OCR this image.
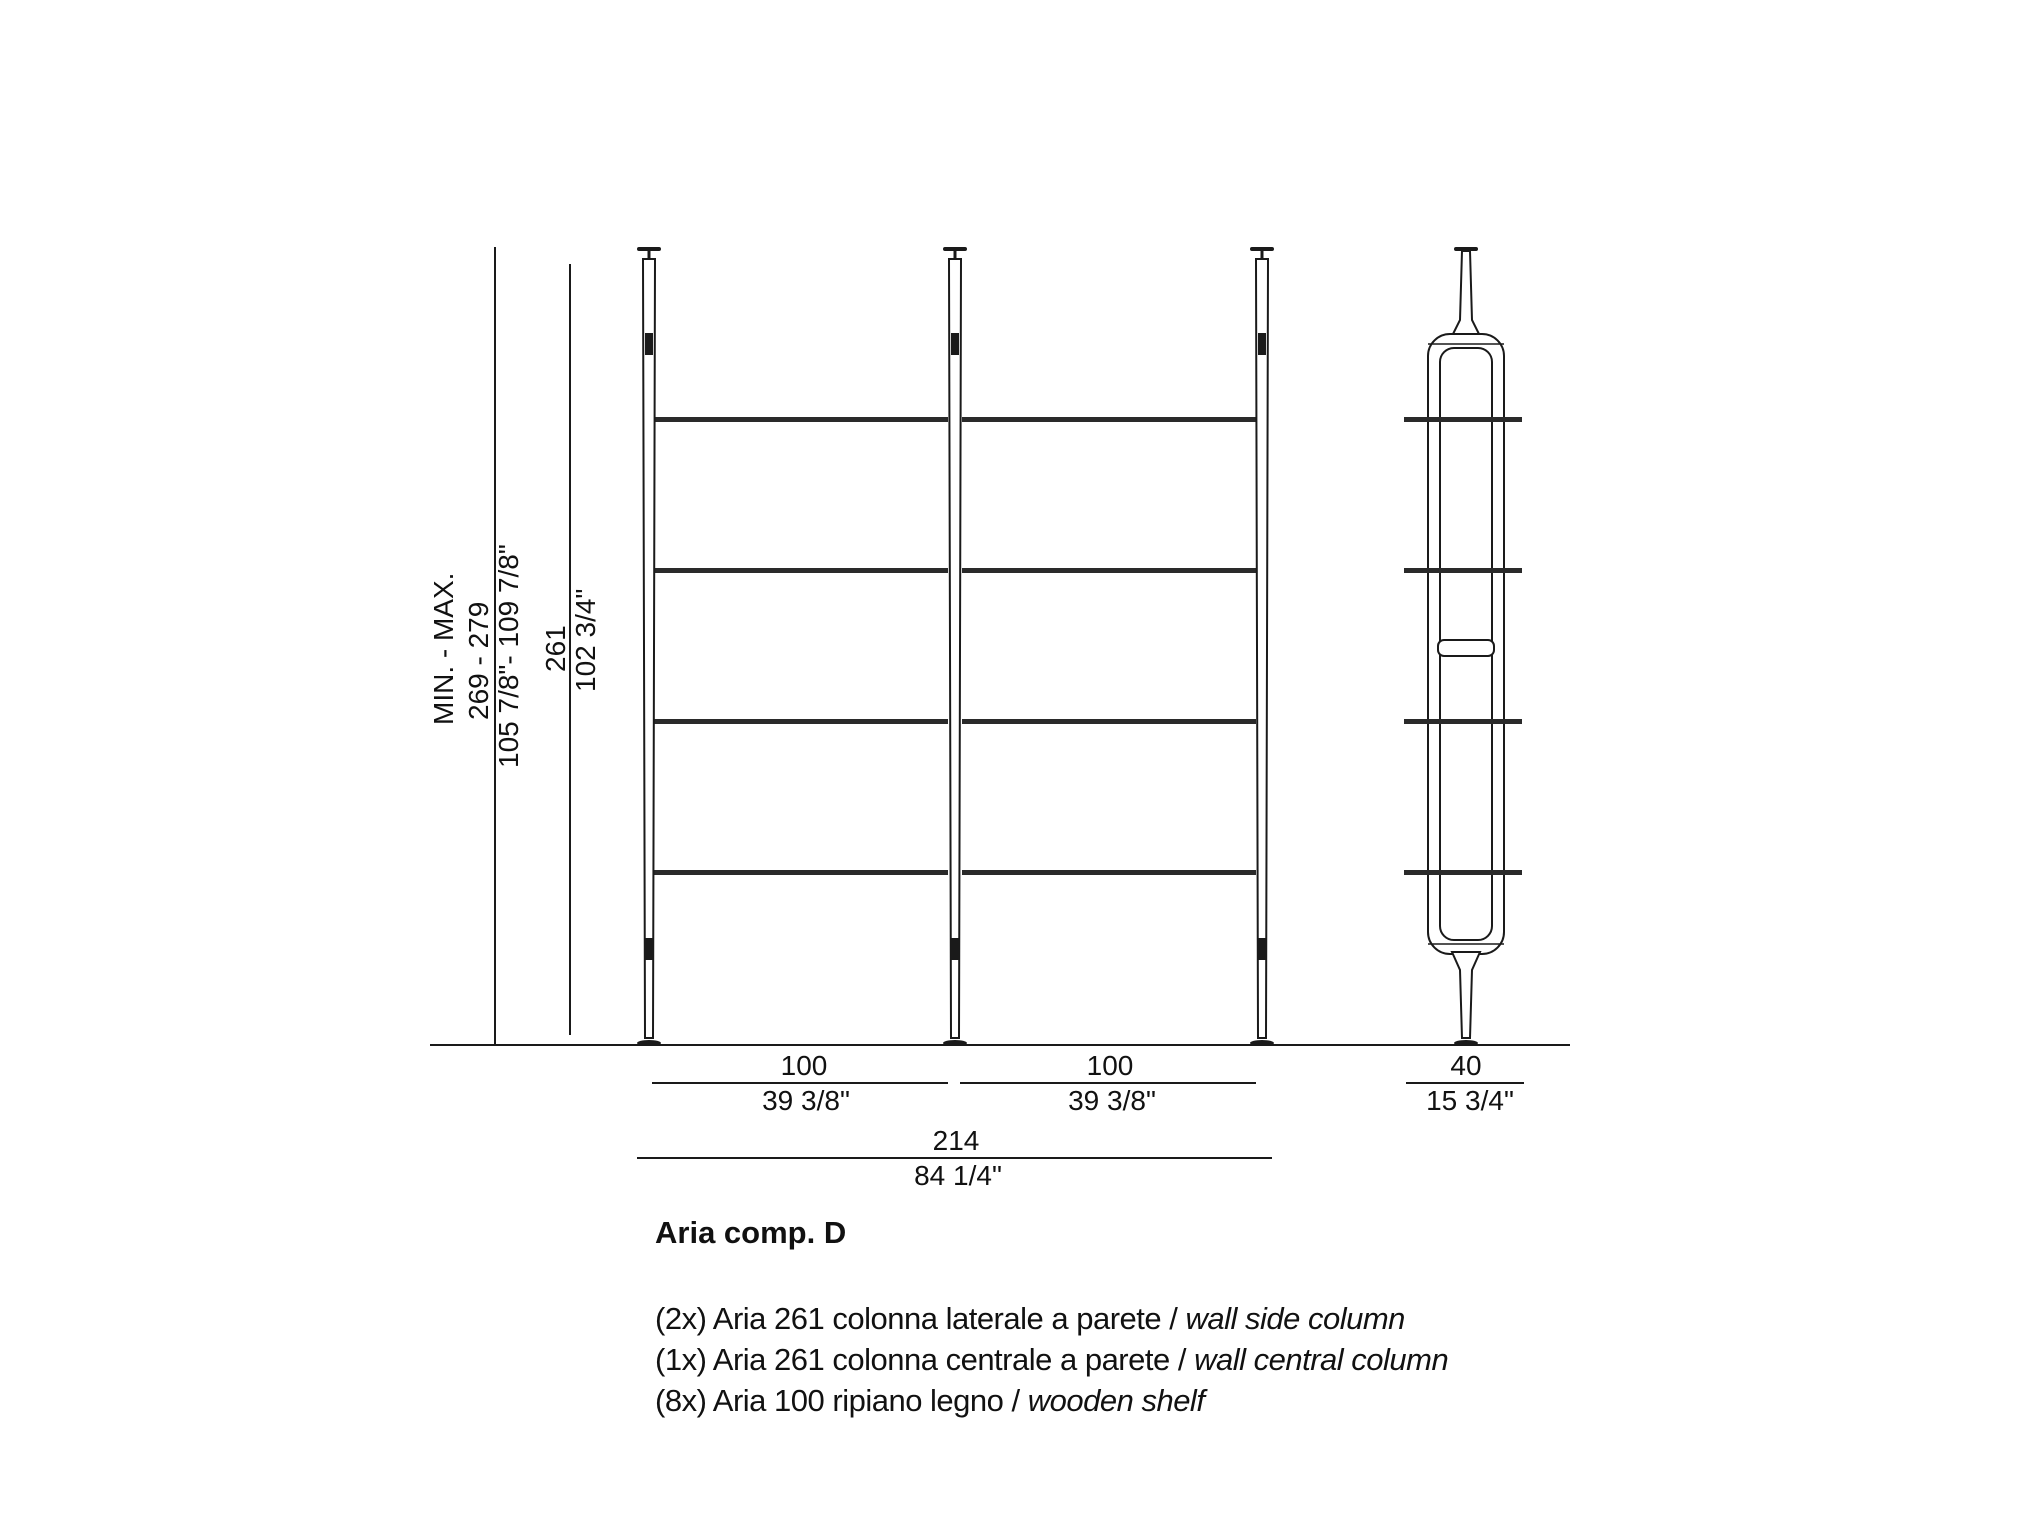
MIN. - MAX. 269 - 279 105 7/8"- 109 7/8" 261 102 3/4"
100
39 3/8"
100
39 3/8"
40
15 3/4"
214
84 1/4"
Aria comp. D
(2x) Aria 261 colonna laterale a parete / wall side column
(1x) Aria 261 colonna centrale a parete / wall central column
(8x) Aria 100 ripiano legno / wooden shelf
